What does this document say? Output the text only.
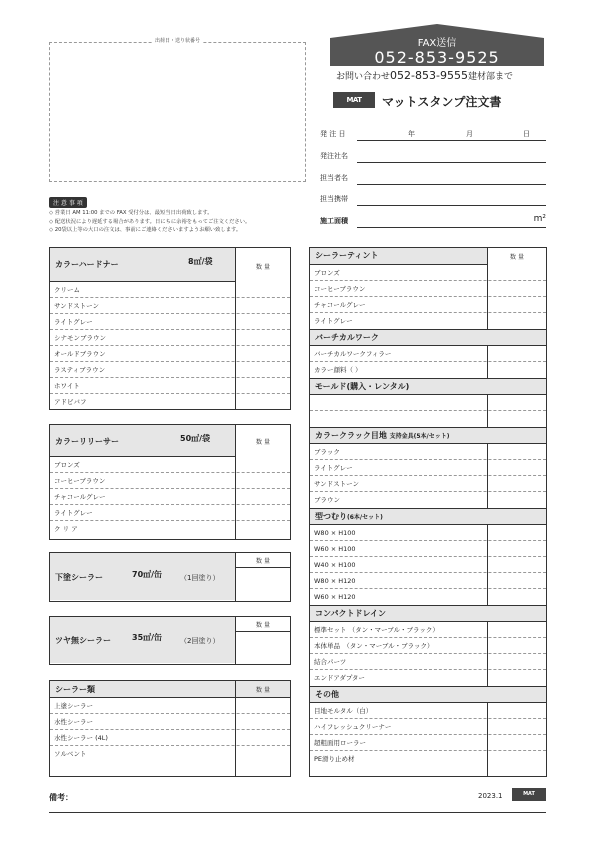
出荷日・送り状番号	FAX送信
052-853-9525
お問い合わせ052-853-9555建材部まで
MAT	マットスタンプ注文書
発 注 日	年	月	日
発注社名
担当者名
担当携帯
施工面積	m²
注 意 事 項
◇ 営業日 AM 11:00 までの FAX 受付分は、最短当日出荷致します。
◇ 配送状況により遅延する場合があります。日にちに余裕をもってご注文ください。
◇ 20袋以上等の大口の注文は、事前にご連絡くださいますようお願い致します。
カラーハードナー	8㎡/袋
数 量
クリーム
サンドストーン
ライトグレー
シナモンブラウン
オールドブラウン
ラスティブラウン
ホワイト
アドビバフ
カラーリリーサー	50㎡/袋	数 量
ブロンズ
コーヒーブラウン
チャコールグレー
ライトグレー
ク リ ア
下塗シーラー	70㎡/缶	（1回塗り）
数 量
ツヤ無シーラー	35㎡/缶	（2回塗り）
数 量
シーラー類	数 量
上塗シーラー
水性シーラー
水性シーラー (4L)
ソルベント
数 量
シーラーティント
ブロンズ
コーヒーブラウン
チャコールグレー
ライトグレー
バーチカルワーク
バーチカルワークフィラー
カラー顔料（ ）
モールド(購入・レンタル)
カラークラック目地 支持金具(5本/セット)
ブラック
ライトグレー
サンドストーン
ブラウン
型つむり(6本/セット)
W80 × H100
W60 × H100
W40 × H100
W80 × H120
W60 × H120
コンパクトドレイン
標準セット （タン・マーブル・ブラック）
本体単品　（タン・マーブル・ブラック）
結合パーツ
エンドアダプター
その他
目地モルタル（白）
ハイフレッシュクリーナー
超粗面用ローラー
PE滑り止め材
備考：	2023.1	MAT
